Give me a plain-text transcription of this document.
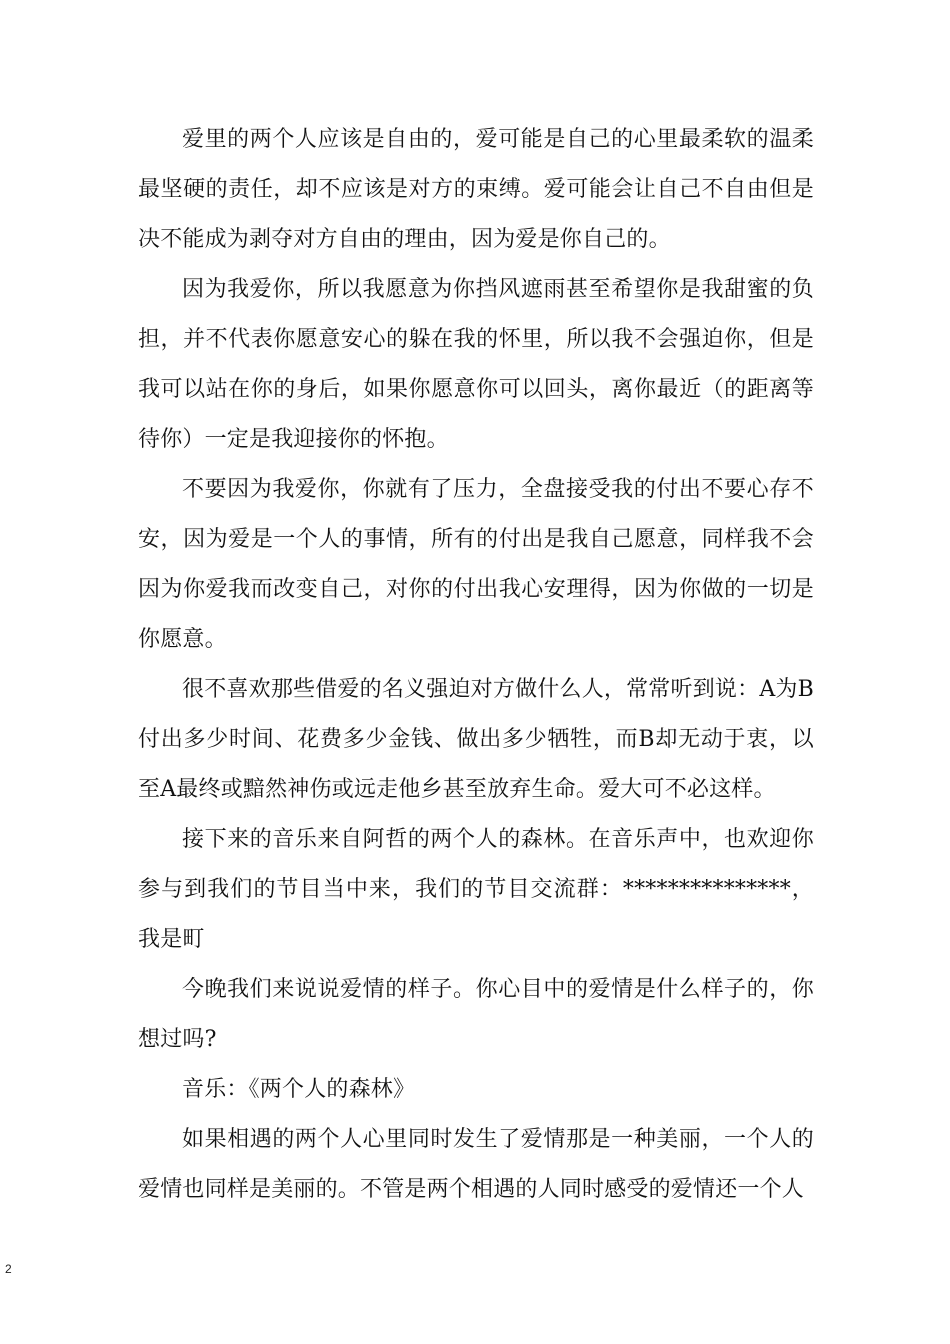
爱里的两个人应该是自由的，爱可能是自己的心里最柔软的温柔最坚硬的责任，却不应该是对方的束缚。爱可能会让自己不自由但是决不能成为剥夺对方自由的理由，因为爱是你自己的。

因为我爱你，所以我愿意为你挡风遮雨甚至希望你是我甜蜜的负担，并不代表你愿意安心的躲在我的怀里，所以我不会强迫你，但是我可以站在你的身后，如果你愿意你可以回头，离你最近（的距离等待你）一定是我迎接你的怀抱。

不要因为我爱你，你就有了压力，全盘接受我的付出不要心存不安，因为爱是一个人的事情，所有的付出是我自己愿意，同样我不会因为你爱我而改变自己，对你的付出我心安理得，因为你做的一切是你愿意。

很不喜欢那些借爱的名义强迫对方做什么人，常常听到说：A为B付出多少时间、花费多少金钱、做出多少牺牲，而B却无动于衷，以至A最终或黯然神伤或远走他乡甚至放弃生命。爱大可不必这样。

接下来的音乐来自阿哲的两个人的森林。在音乐声中，也欢迎你参与到我们的节目当中来，我们的节目交流群：***************，我是町

今晚我们来说说爱情的样子。你心目中的爱情是什么样子的，你想过吗?

音乐：《两个人的森林》

如果相遇的两个人心里同时发生了爱情那是一种美丽，一个人的爱情也同样是美丽的。不管是两个相遇的人同时感受的爱情还一个人

2
